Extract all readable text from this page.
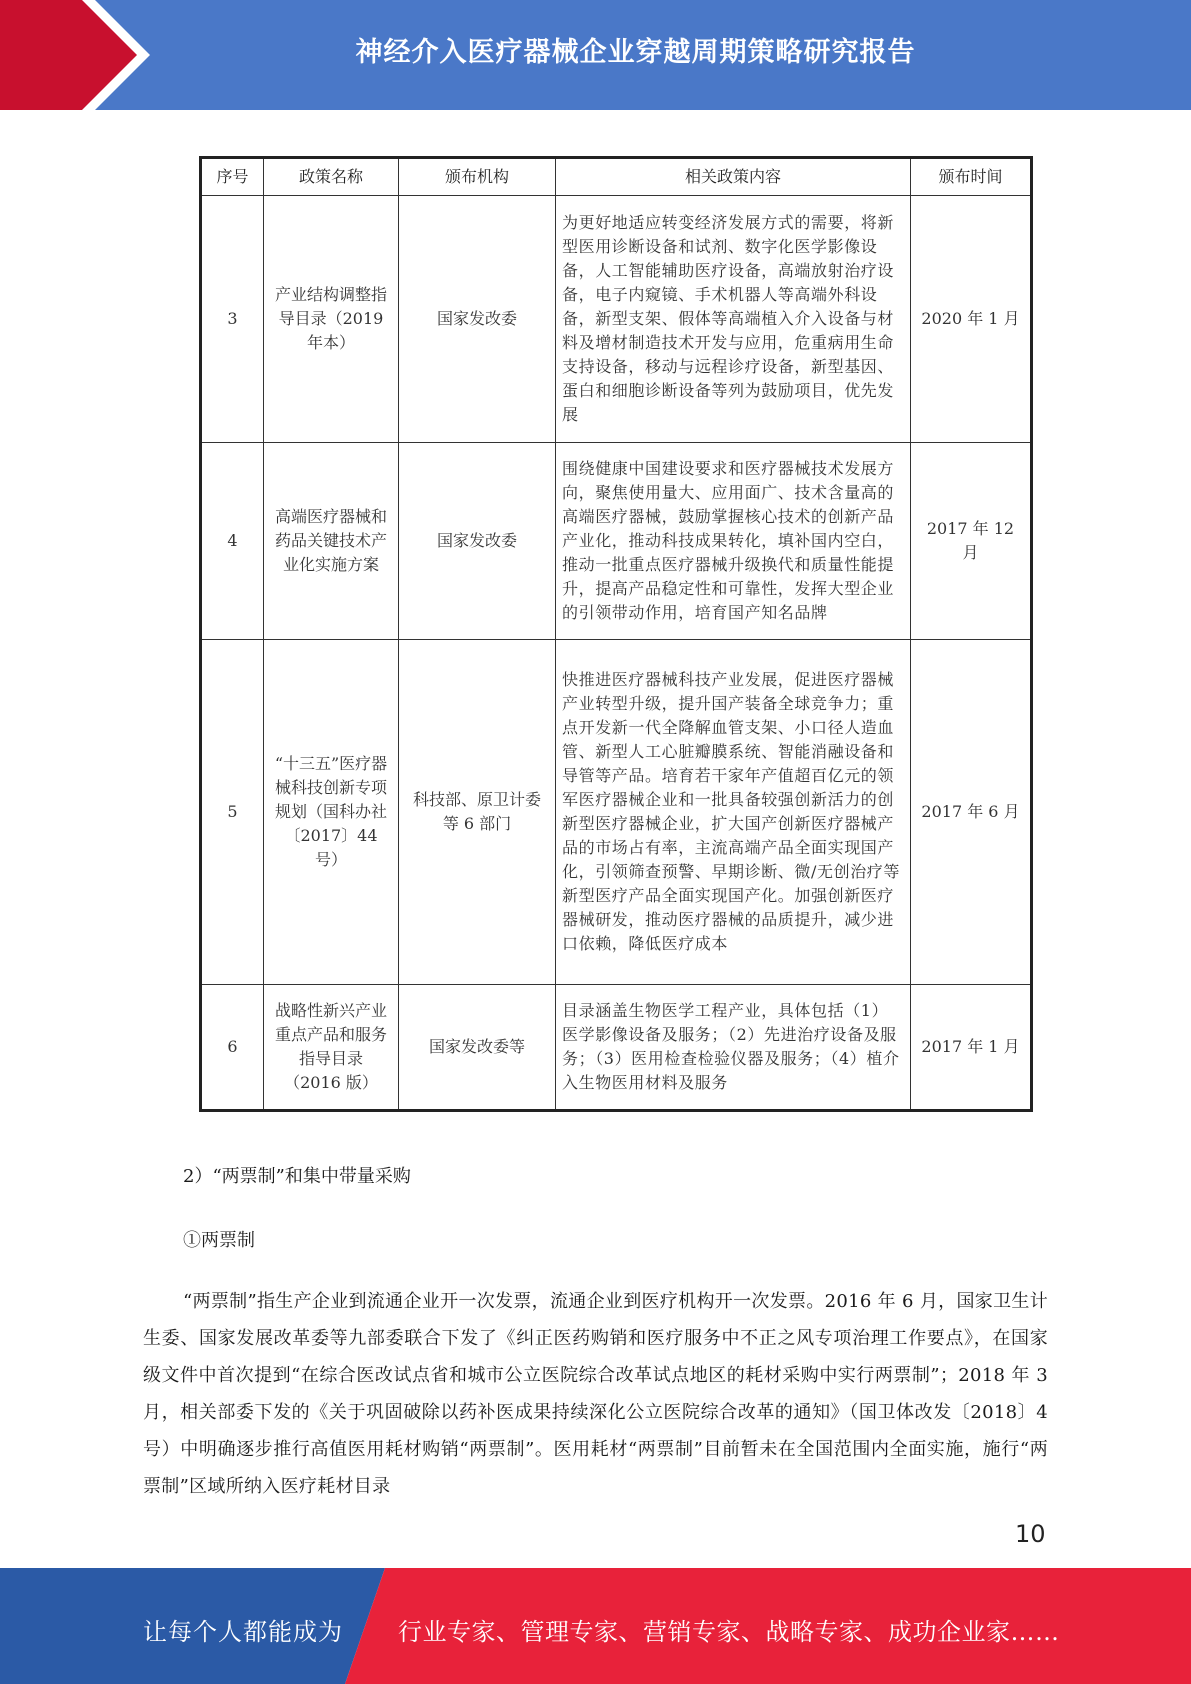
神经介入医疗器械企业穿越周期策略研究报告
序号	政策名称	颁布机构	相关政策内容	颁布时间
3	产业结构调整指导目录（2019 年本）	国家发改委	为更好地适应转变经济发展方式的需要，将新型医用诊断设备和试剂、数字化医学影像设备，人工智能辅助医疗设备，高端放射治疗设备，电子内窥镜、手术机器人等高端外科设备，新型支架、假体等高端植入介入设备与材料及增材制造技术开发与应用，危重病用生命支持设备，移动与远程诊疗设备，新型基因、蛋白和细胞诊断设备等列为鼓励项目，优先发展	2020 年 1 月
4	高端医疗器械和药品关键技术产业化实施方案	国家发改委	围绕健康中国建设要求和医疗器械技术发展方向，聚焦使用量大、应用面广、技术含量高的高端医疗器械，鼓励掌握核心技术的创新产品产业化，推动科技成果转化，填补国内空白，推动一批重点医疗器械升级换代和质量性能提升，提高产品稳定性和可靠性，发挥大型企业的引领带动作用，培育国产知名品牌	2017 年 12 月
5	“十三五”医疗器械科技创新专项规划（国科办社〔2017〕44 号）	科技部、原卫计委等 6 部门	快推进医疗器械科技产业发展，促进医疗器械产业转型升级，提升国产装备全球竞争力；重点开发新一代全降解血管支架、小口径人造血管、新型人工心脏瓣膜系统、智能消融设备和导管等产品。培育若干家年产值超百亿元的领军医疗器械企业和一批具备较强创新活力的创新型医疗器械企业，扩大国产创新医疗器械产品的市场占有率，主流高端产品全面实现国产化，引领筛查预警、早期诊断、微/无创治疗等新型医疗产品全面实现国产化。加强创新医疗器械研发，推动医疗器械的品质提升，减少进口依赖，降低医疗成本	2017 年 6 月
6	战略性新兴产业重点产品和服务指导目录（2016 版）	国家发改委等	目录涵盖生物医学工程产业，具体包括（1）医学影像设备及服务；（2）先进治疗设备及服务；（3）医用检查检验仪器及服务；（4）植介入生物医用材料及服务	2017 年 1 月
2）“两票制”和集中带量采购
①两票制
“两票制”指生产企业到流通企业开一次发票，流通企业到医疗机构开一次发票。2016 年 6 月，国家卫生计生委、国家发展改革委等九部委联合下发了《纠正医药购销和医疗服务中不正之风专项治理工作要点》，在国家级文件中首次提到“在综合医改试点省和城市公立医院综合改革试点地区的耗材采购中实行两票制”；2018 年 3 月，相关部委下发的《关于巩固破除以药补医成果持续深化公立医院综合改革的通知》（国卫体改发〔2018〕4 号）中明确逐步推行高值医用耗材购销“两票制”。医用耗材“两票制”目前暂未在全国范围内全面实施，施行“两票制”区域所纳入医疗耗材目录
10
让每个人都能成为 行业专家、管理专家、营销专家、战略专家、成功企业家……
